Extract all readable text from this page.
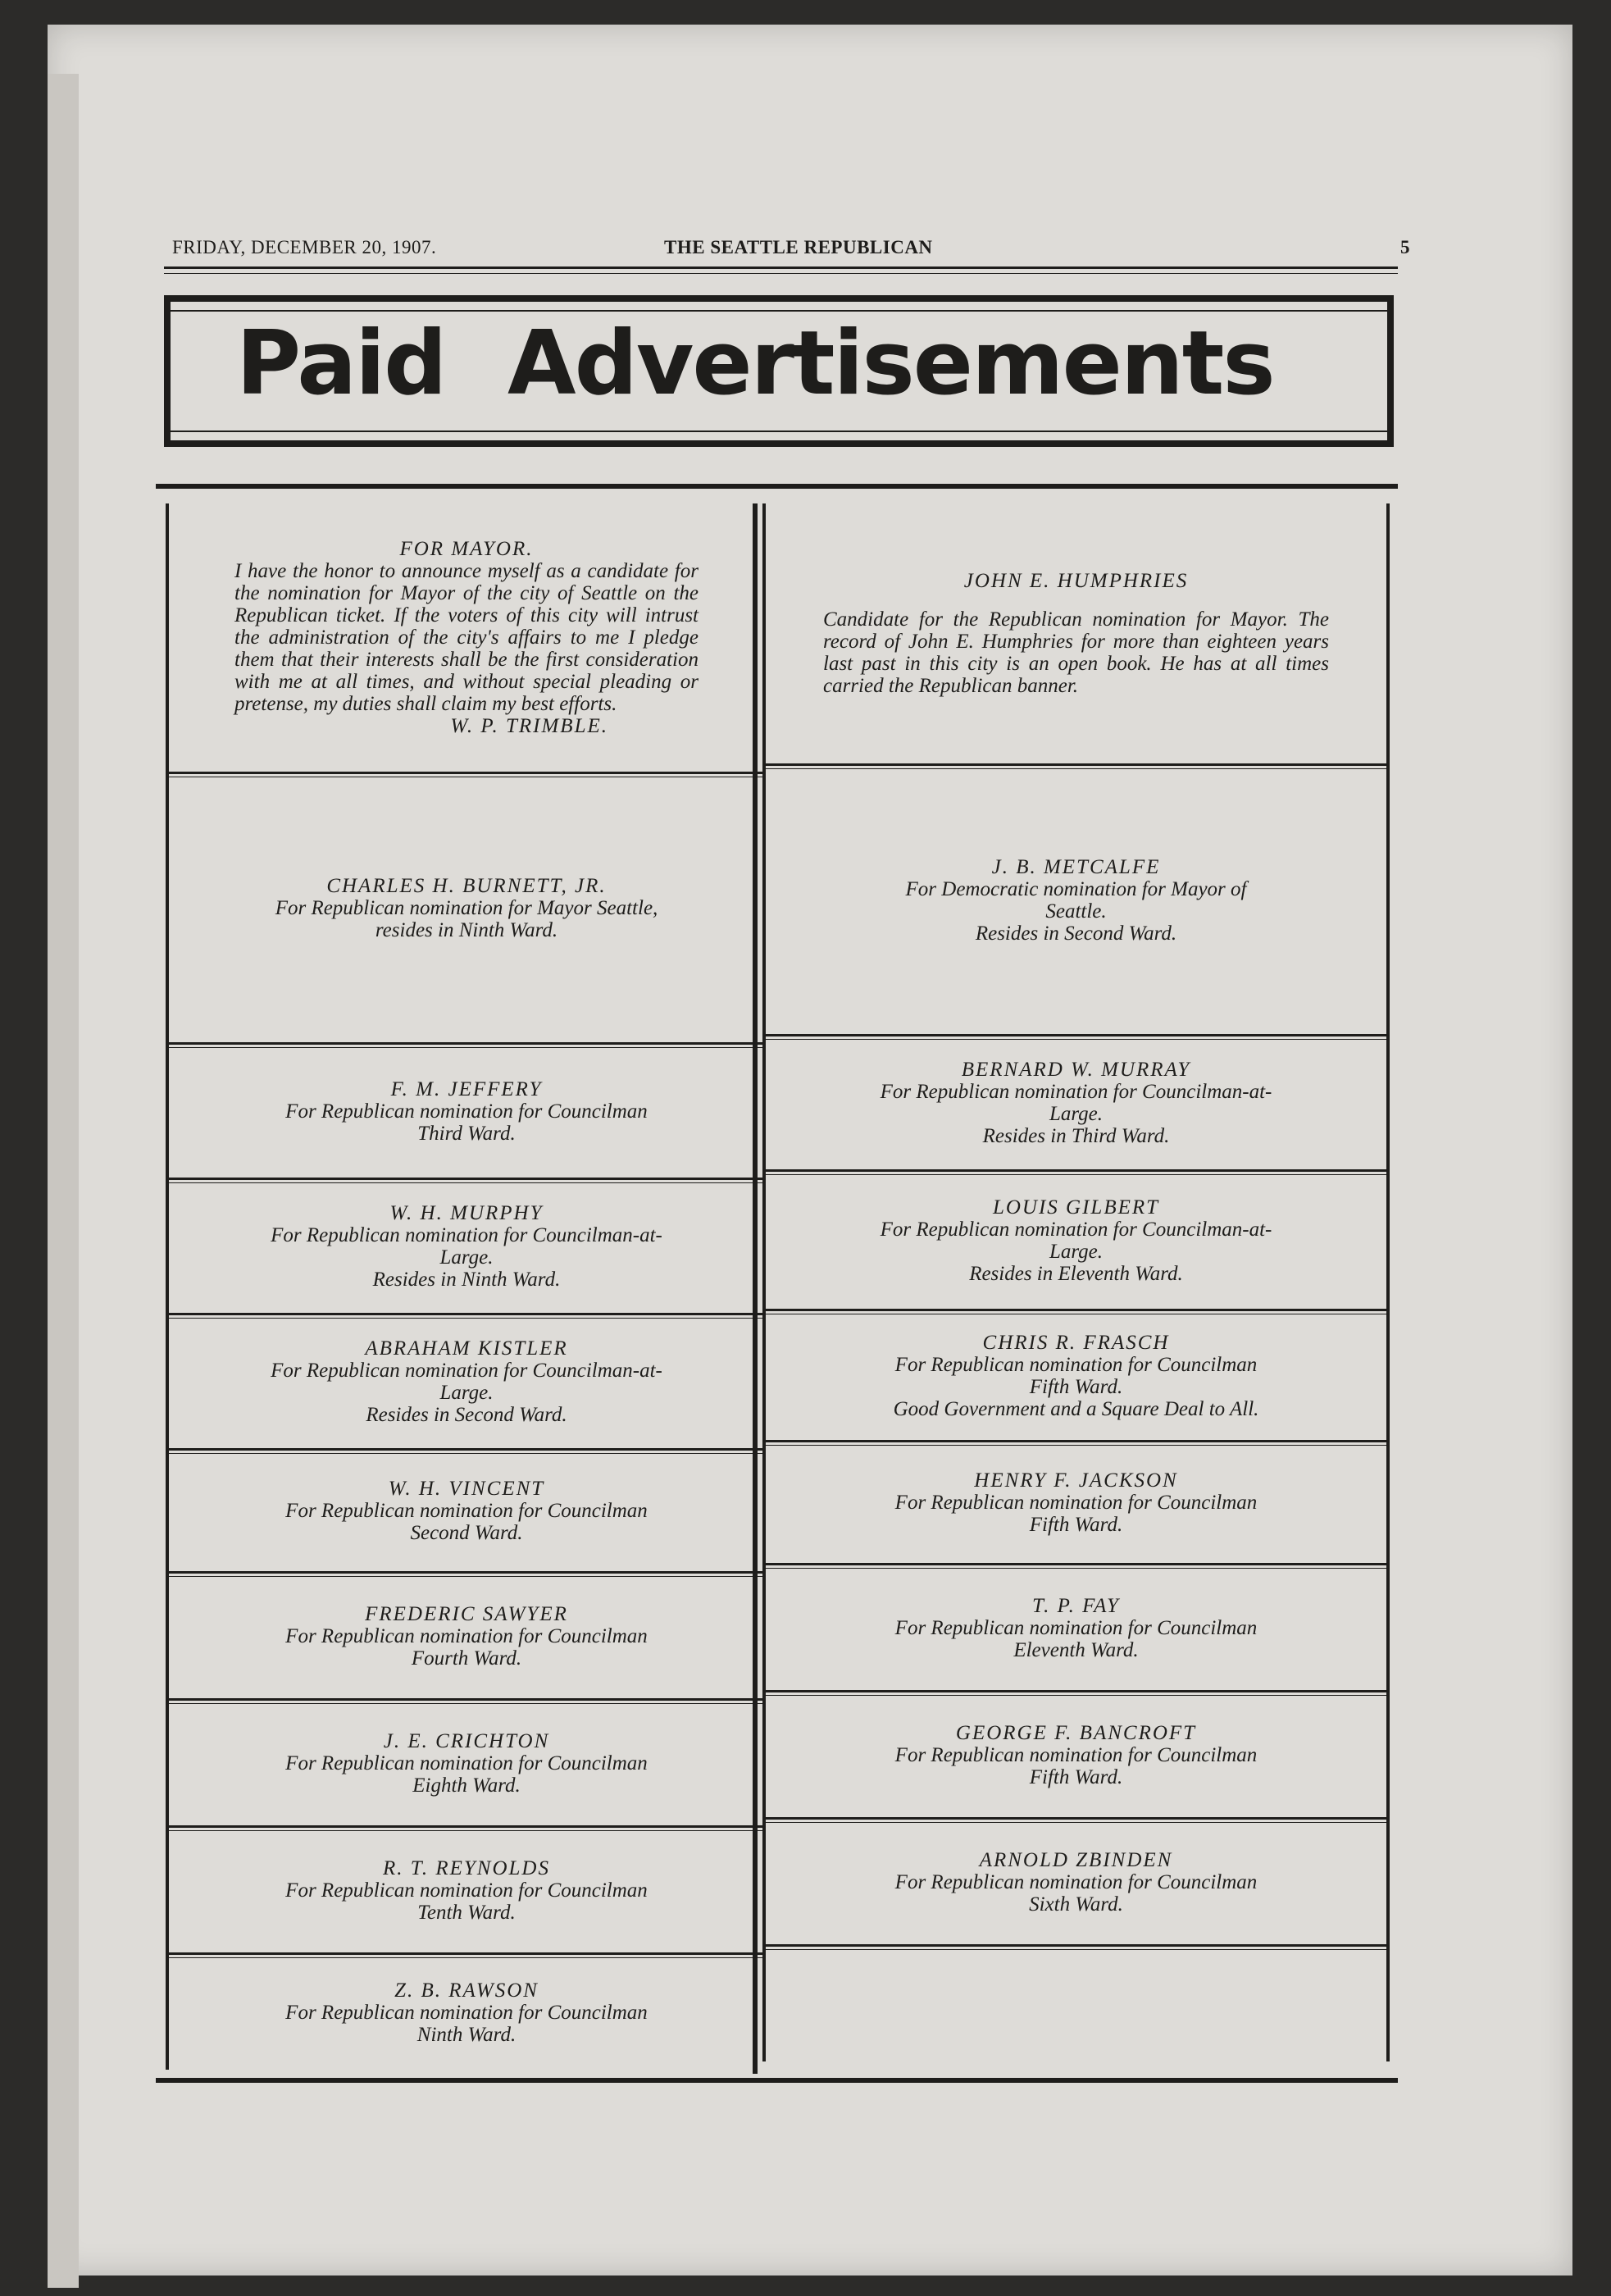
FRIDAY, DECEMBER 20, 1907.	THE SEATTLE REPUBLICAN	5
Paid Advertisements
FOR MAYOR.
I have the honor to announce myself as a candidate for the nomination for Mayor of the city of Seattle on the Republican ticket. If the voters of this city will intrust the administration of the city's affairs to me I pledge them that their interests shall be the first consideration with me at all times, and without special pleading or pretense, my duties shall claim my best efforts.
W. P. TRIMBLE.
CHARLES H. BURNETT, JR.
For Republican nomination for Mayor Seattle,
resides in Ninth Ward.
F. M. JEFFERY
For Republican nomination for Councilman
Third Ward.
W. H. MURPHY
For Republican nomination for Councilman-at-
Large.
Resides in Ninth Ward.
ABRAHAM KISTLER
For Republican nomination for Councilman-at-
Large.
Resides in Second Ward.
W. H. VINCENT
For Republican nomination for Councilman
Second Ward.
FREDERIC SAWYER
For Republican nomination for Councilman
Fourth Ward.
J. E. CRICHTON
For Republican nomination for Councilman
Eighth Ward.
R. T. REYNOLDS
For Republican nomination for Councilman
Tenth Ward.
Z. B. RAWSON
For Republican nomination for Councilman
Ninth Ward.
JOHN E. HUMPHRIES
Candidate for the Republican nomination for Mayor. The record of John E. Humphries for more than eighteen years last past in this city is an open book. He has at all times carried the Republican banner.
J. B. METCALFE
For Democratic nomination for Mayor of
Seattle.
Resides in Second Ward.
BERNARD W. MURRAY
For Republican nomination for Councilman-at-
Large.
Resides in Third Ward.
LOUIS GILBERT
For Republican nomination for Councilman-at-
Large.
Resides in Eleventh Ward.
CHRIS R. FRASCH
For Republican nomination for Councilman
Fifth Ward.
Good Government and a Square Deal to All.
HENRY F. JACKSON
For Republican nomination for Councilman
Fifth Ward.
T. P. FAY
For Republican nomination for Councilman
Eleventh Ward.
GEORGE F. BANCROFT
For Republican nomination for Councilman
Fifth Ward.
ARNOLD ZBINDEN
For Republican nomination for Councilman
Sixth Ward.
